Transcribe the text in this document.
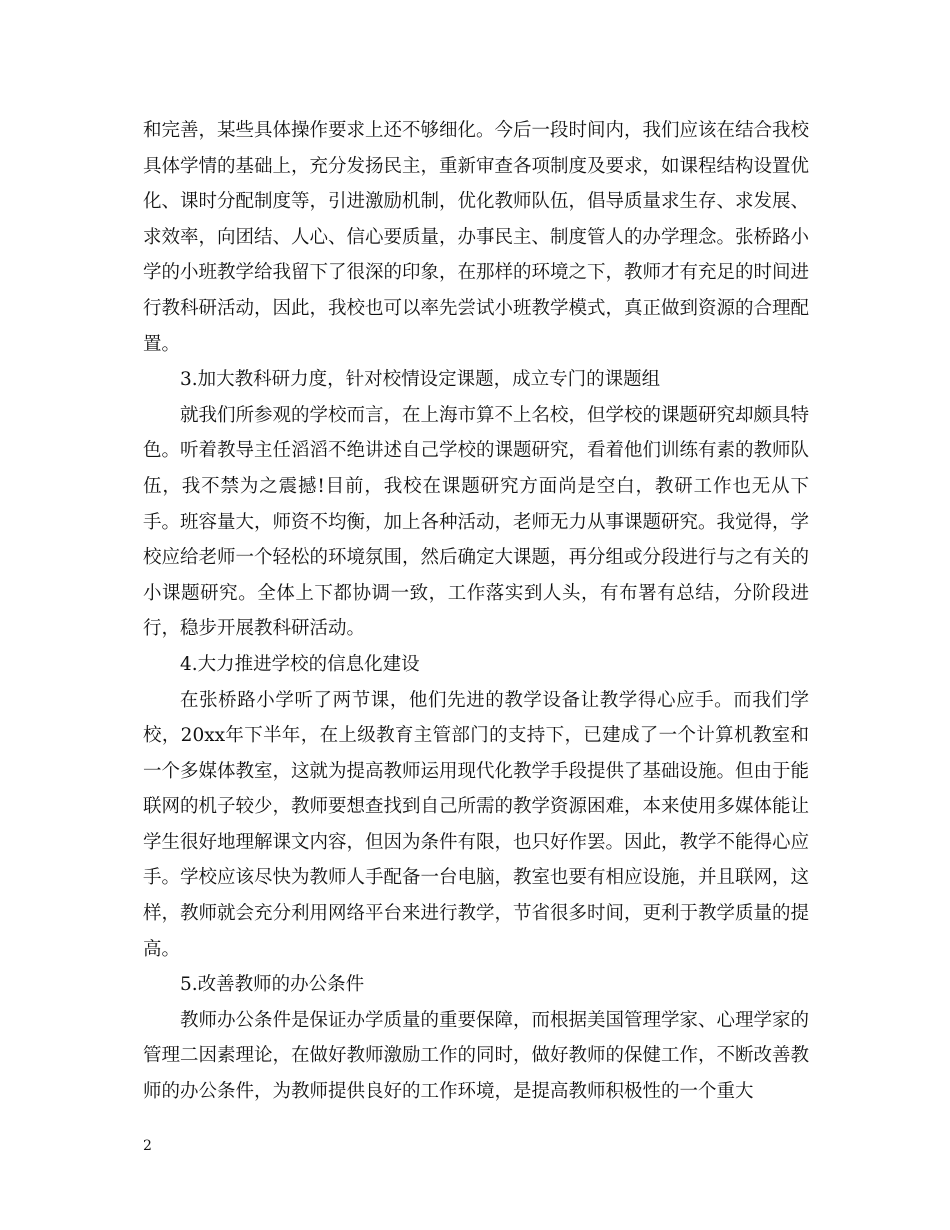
和完善，某些具体操作要求上还不够细化。今后一段时间内，我们应该在结合我校具体学情的基础上，充分发扬民主，重新审查各项制度及要求，如课程结构设置优化、课时分配制度等，引进激励机制，优化教师队伍，倡导质量求生存、求发展、求效率，向团结、人心、信心要质量，办事民主、制度管人的办学理念。张桥路小学的小班教学给我留下了很深的印象，在那样的环境之下，教师才有充足的时间进行教科研活动，因此，我校也可以率先尝试小班教学模式，真正做到资源的合理配置。

3.加大教科研力度，针对校情设定课题，成立专门的课题组

就我们所参观的学校而言，在上海市算不上名校，但学校的课题研究却颇具特色。听着教导主任滔滔不绝讲述自己学校的课题研究，看着他们训练有素的教师队伍，我不禁为之震撼!目前，我校在课题研究方面尚是空白，教研工作也无从下手。班容量大，师资不均衡，加上各种活动，老师无力从事课题研究。我觉得，学校应给老师一个轻松的环境氛围，然后确定大课题，再分组或分段进行与之有关的小课题研究。全体上下都协调一致，工作落实到人头，有布署有总结，分阶段进行，稳步开展教科研活动。

4.大力推进学校的信息化建设

在张桥路小学听了两节课，他们先进的教学设备让教学得心应手。而我们学校，20xx年下半年，在上级教育主管部门的支持下，已建成了一个计算机教室和一个多媒体教室，这就为提高教师运用现代化教学手段提供了基础设施。但由于能联网的机子较少，教师要想查找到自己所需的教学资源困难，本来使用多媒体能让学生很好地理解课文内容，但因为条件有限，也只好作罢。因此，教学不能得心应手。学校应该尽快为教师人手配备一台电脑，教室也要有相应设施，并且联网，这样，教师就会充分利用网络平台来进行教学，节省很多时间，更利于教学质量的提高。

5.改善教师的办公条件

教师办公条件是保证办学质量的重要保障，而根据美国管理学家、心理学家的管理二因素理论，在做好教师激励工作的同时，做好教师的保健工作，不断改善教师的办公条件，为教师提供良好的工作环境，是提高教师积极性的一个重大

2
